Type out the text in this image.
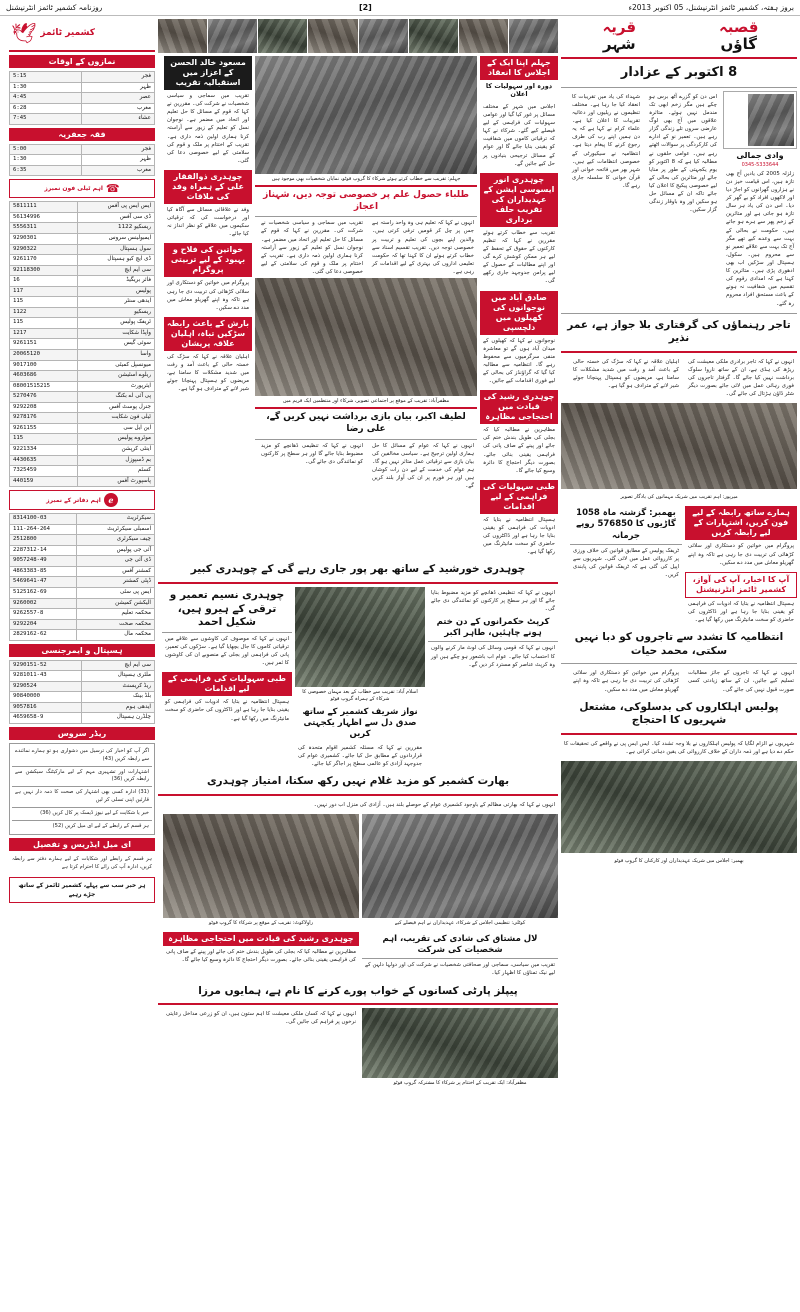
بروز ہفتہ، کشمیر ٹائمز انٹرنیشنل، 05 اکتوبر 2013ء
[2]
روزنامہ کشمیر ٹائمز انٹرنیشنل
قصبہ
گاؤں
قریہ
شہر
8 اکتوبر کے عزادار
وادی جمالی
0345-5333644
زلزلہ 2005 کی یادیں آج بھی تازہ ہیں، اس قیامت خیز دن نے ہزاروں گھرانوں کو اجاڑ دیا اور لاکھوں افراد کو بے گھر کر دیا۔ اس دن کی یاد ہر سال تازہ ہو جاتی ہے اور متاثرین کے زخم پھر سے ہرے ہو جاتے ہیں۔ حکومت نے بحالی کے بہت سے وعدے کیے تھے مگر آج تک بہت سے علاقے تعمیر نو سے محروم ہیں۔ سکول، ہسپتال اور سڑکیں اب بھی ادھوری پڑی ہیں۔ متاثرین کا کہنا ہے کہ امدادی رقوم کی تقسیم میں شفافیت نہ ہونے کے باعث مستحق افراد محروم رہ گئے۔
اس دن کو گزرے آٹھ برس ہو چکے ہیں مگر زخم ابھی تک مندمل نہیں ہوئے۔ متاثرہ علاقوں میں آج بھی لوگ عارضی سروں تلے زندگی گزار رہے ہیں۔ تعمیر نو کے ادارے کی کارکردگی پر سوالات اٹھتے رہے ہیں۔ عوامی حلقوں نے مطالبہ کیا ہے کہ 8 اکتوبر کو یوم یکجہتی کے طور پر منایا جائے اور متاثرین کی بحالی کے لیے خصوصی پیکیج کا اعلان کیا جائے تاکہ ان کے مسائل حل ہو سکیں اور وہ باوقار زندگی گزار سکیں۔
شہداء کی یاد میں تقریبات کا انعقاد کیا جا رہا ہے۔ مختلف تنظیموں نے ریلیوں اور دعائیہ تقریبات کا اعلان کیا ہے۔ علماء کرام نے کہا ہے کہ یہ دن ہمیں اپنے رب کی طرف رجوع کرنے کا پیغام دیتا ہے۔ انتظامیہ نے سیکیورٹی کے خصوصی انتظامات کیے ہیں۔ شہر بھر میں فاتحہ خوانی اور قرآن خوانی کا سلسلہ جاری رہے گا۔
تاجر رہنماؤں کی گرفتاری بلا جواز ہے، عمر نذیر
انہوں نے کہا کہ تاجر برادری ملکی معیشت کی ریڑھ کی ہڈی ہے، ان کے ساتھ ناروا سلوک برداشت نہیں کیا جائے گا۔ گرفتار تاجروں کی فوری رہائی عمل میں لائی جائے بصورت دیگر شٹر ڈاؤن ہڑتال کی جائے گی۔
اہلیان علاقہ نے کہا کہ سڑک کی خستہ حالی کے باعث آمد و رفت میں شدید مشکلات کا سامنا ہے، مریضوں کو ہسپتال پہنچانا جوئے شیر لانے کے مترادف ہو گیا ہے۔
میرپور: اہم تقریب میں شریک مہمانوں کی یادگار تصویر
ہمارے ساتھ رابطہ کے لیے فون کریں، اشتہارات کے لیے رابطہ کریں
پروگرام میں خواتین کو دستکاری اور سلائی کڑھائی کی تربیت دی جا رہی ہے تاکہ وہ اپنے گھریلو معاش میں مدد دے سکیں۔
آپ کا اخبار، آپ کی آواز، کشمیر ٹائمز انٹرنیشنل
ہسپتال انتظامیہ نے بتایا کہ ادویات کی فراہمی کو یقینی بنایا جا رہا ہے اور ڈاکٹروں کی حاضری کو سخت مانیٹرنگ میں رکھا گیا ہے۔
بھمبر: گزشتہ ماہ 1058 گاڑیوں کا 576850 روپے جرمانہ
ٹریفک پولیس کے مطابق قوانین کی خلاف ورزی پر کارروائی عمل میں لائی گئی۔ شہریوں سے اپیل کی گئی ہے کہ ٹریفک قوانین کی پابندی کریں۔
انتظامیہ کا تشدد سے تاجروں کو دبا نہیں سکتی، محمد حیات
انہوں نے کہا کہ تاجروں کے جائز مطالبات تسلیم کیے جائیں، ان کے ساتھ زیادتی کسی صورت قبول نہیں کی جائے گی۔
پروگرام میں خواتین کو دستکاری اور سلائی کڑھائی کی تربیت دی جا رہی ہے تاکہ وہ اپنے گھریلو معاش میں مدد دے سکیں۔
پولیس اہلکاروں کی بدسلوکی، مشتعل شہریوں کا احتجاج
شہریوں نے الزام لگایا کہ پولیس اہلکاروں نے بلا وجہ تشدد کیا۔ ایس ایس پی نے واقعے کی تحقیقات کا حکم دے دیا ہے اور ذمہ داران کے خلاف کارروائی کی یقین دہانی کرائی ہے۔
بھمبر: اجلاس میں شریک عہدیداران اور کارکنان کا گروپ فوٹو
جہلم اپنا ایک کے اجلاس کا انعقاد
دورہ اور سہولیات کا اعلان
اجلاس میں شہر کے مختلف مسائل پر غور کیا گیا اور عوامی سہولیات کی فراہمی کے لیے فیصلے کیے گئے۔ شرکاء نے کہا کہ ترقیاتی کاموں میں شفافیت کو یقینی بنایا جائے گا اور عوام کے مسائل ترجیحی بنیادوں پر حل کیے جائیں گے۔
چوہدری انور ایسوسی ایشن کے عہدیداران کی تقریب حلف برداری
تقریب سے خطاب کرتے ہوئے مقررین نے کہا کہ تنظیم کارکنوں کے حقوق کے تحفظ کے لیے ہر ممکن کوشش کرے گی اور اپنے مطالبات کے حصول کے لیے پرامن جدوجہد جاری رکھے گی۔
صادق آباد میں نوجوانوں کی کھیلوں میں دلچسپی
نوجوانوں نے کہا کہ کھیلوں کے میدان آباد ہوں گے تو معاشرہ منفی سرگرمیوں سے محفوظ رہے گا۔ انتظامیہ سے مطالبہ کیا گیا کہ گراؤنڈز کی بحالی کے لیے فوری اقدامات کیے جائیں۔
چوہدری رشید کی قیادت میں احتجاجی مظاہرہ
مظاہرین نے مطالبہ کیا کہ بجلی کی طویل بندش ختم کی جائے اور پینے کے صاف پانی کی فراہمی یقینی بنائی جائے۔ بصورت دیگر احتجاج کا دائرہ وسیع کیا جائے گا۔
طبی سہولیات کی فراہمی کے لیے اقدامات
ہسپتال انتظامیہ نے بتایا کہ ادویات کی فراہمی کو یقینی بنایا جا رہا ہے اور ڈاکٹروں کی حاضری کو سخت مانیٹرنگ میں رکھا گیا ہے۔
جہلم: تقریب سے خطاب کرتے ہوئے شرکاء کا گروپ فوٹو، نمایاں شخصیات بھی موجود ہیں
طلباء حصول علم پر خصوصی توجہ دیں، شہناز اعجاز
انہوں نے کہا کہ تعلیم ہی وہ واحد راستہ ہے جس پر چل کر قومیں ترقی کرتی ہیں۔ والدین اپنے بچوں کی تعلیم و تربیت پر خصوصی توجہ دیں۔ تقریب تقسیم اسناد سے خطاب کرتے ہوئے ان کا کہنا تھا کہ حکومت تعلیمی اداروں کی بہتری کے لیے اقدامات کر رہی ہے۔
تقریب میں سماجی و سیاسی شخصیات نے شرکت کی۔ مقررین نے کہا کہ قوم کے مسائل کا حل تعلیم اور اتحاد میں مضمر ہے۔ نوجوان نسل کو تعلیم کے زیور سے آراستہ کرنا ہماری اولین ذمہ داری ہے۔ تقریب کے اختتام پر ملک و قوم کی سلامتی کے لیے خصوصی دعا کی گئی۔
مظفرآباد: تقریب کے موقع پر اجتماعی تصویر، شرکاء اور منتظمین ایک فریم میں
لطیف اکبر، بیان بازی برداشت نہیں کریں گے، علی رضا
انہوں نے کہا کہ عوام کے مسائل کا حل ہماری اولین ترجیح ہے۔ سیاسی مخالفین کی بیان بازی سے ترقیاتی عمل متاثر نہیں ہو گا۔ ہم عوام کی خدمت کے لیے دن رات کوشاں ہیں اور ہر فورم پر ان کی آواز بلند کریں گے۔
انہوں نے کہا کہ تنظیمی ڈھانچے کو مزید مضبوط بنایا جائے گا اور ہر سطح پر کارکنوں کو نمائندگی دی جائے گی۔
مسعود خالد الحسن کے اعزاز میں استقبالیہ تقریب
تقریب میں سماجی و سیاسی شخصیات نے شرکت کی۔ مقررین نے کہا کہ قوم کے مسائل کا حل تعلیم اور اتحاد میں مضمر ہے۔ نوجوان نسل کو تعلیم کے زیور سے آراستہ کرنا ہماری اولین ذمہ داری ہے۔ تقریب کے اختتام پر ملک و قوم کی سلامتی کے لیے خصوصی دعا کی گئی۔
چوہدری ذوالفقار علی کے ہمراہ وفد کی ملاقات
وفد نے علاقائی مسائل سے آگاہ کیا اور درخواست کی کہ ترقیاتی سکیموں میں علاقے کو نظر انداز نہ کیا جائے۔
خواتین کی فلاح و بہبود کے لیے تربیتی پروگرام
پروگرام میں خواتین کو دستکاری اور سلائی کڑھائی کی تربیت دی جا رہی ہے تاکہ وہ اپنے گھریلو معاش میں مدد دے سکیں۔
بارش کے باعث رابطہ سڑکیں تباہ، اہلیان علاقہ پریشان
اہلیان علاقہ نے کہا کہ سڑک کی خستہ حالی کے باعث آمد و رفت میں شدید مشکلات کا سامنا ہے، مریضوں کو ہسپتال پہنچانا جوئے شیر لانے کے مترادف ہو گیا ہے۔
چوہدری خورشید کے ساتھ بھر پور جاری رہے گی کے چوہدری کبیر
انہوں نے کہا کہ تنظیمی ڈھانچے کو مزید مضبوط بنایا جائے گا اور ہر سطح پر کارکنوں کو نمائندگی دی جائے گی۔
کرپٹ حکمرانوں کے دن ختم ہونے چاہئیں، طاہر اکبر
انہوں نے کہا کہ قومی وسائل کی لوٹ مار کرنے والوں کا احتساب کیا جائے۔ عوام اب باشعور ہو چکے ہیں اور وہ کرپٹ عناصر کو مسترد کر دیں گے۔
اسلام آباد: تقریب سے خطاب کے بعد مہمان خصوصی کا شرکاء کے ہمراہ گروپ فوٹو
نواز شریف کشمیر کے ساتھ صدق دل سے اظہار یکجہتی کریں
مقررین نے کہا کہ مسئلہ کشمیر اقوام متحدہ کی قراردادوں کے مطابق حل کیا جائے۔ کشمیری عوام کی جدوجہد آزادی کو عالمی سطح پر اجاگر کیا جائے۔
چوہدری نسیم تعمیر و ترقی کے ہیرو ہیں، شکیل احمد
انہوں نے کہا کہ موصوف کی کاوشوں سے علاقے میں ترقیاتی کاموں کا جال بچھایا گیا ہے۔ سڑکوں کی تعمیر، پانی کی فراہمی اور بجلی کے منصوبے ان کی کاوشوں کا ثمر ہیں۔
طبی سہولیات کی فراہمی کے لیے اقدامات
ہسپتال انتظامیہ نے بتایا کہ ادویات کی فراہمی کو یقینی بنایا جا رہا ہے اور ڈاکٹروں کی حاضری کو سخت مانیٹرنگ میں رکھا گیا ہے۔
بھارت کشمیر کو مزید غلام نہیں رکھ سکتا، امتیاز چوہدری
انہوں نے کہا کہ بھارتی مظالم کے باوجود کشمیری عوام کے حوصلے بلند ہیں۔ آزادی کی منزل اب دور نہیں۔
کوٹلی: تنظیمی اجلاس کے شرکاء، عہدیداران نے اہم فیصلے کیے
راولاکوٹ: تقریب کے موقع پر شرکاء کا گروپ فوٹو
لال مشتاق کی شادی کی تقریب، اہم شخصیات کی شرکت
تقریب میں سیاسی، سماجی اور صحافتی شخصیات نے شرکت کی اور دولہا دلہن کے لیے نیک تمناؤں کا اظہار کیا۔
چوہدری رشید کی قیادت میں احتجاجی مظاہرہ
مظاہرین نے مطالبہ کیا کہ بجلی کی طویل بندش ختم کی جائے اور پینے کے صاف پانی کی فراہمی یقینی بنائی جائے۔ بصورت دیگر احتجاج کا دائرہ وسیع کیا جائے گا۔
پیپلز پارٹی کسانوں کے خواب پورے کرنے کا نام ہے، ہمایوں مرزا
مظفرآباد: ایک تقریب کے اختتام پر شرکاء کا مشترکہ گروپ فوٹو
انہوں نے کہا کہ کسان ملکی معیشت کا اہم ستون ہیں، ان کو زرعی مداخل رعایتی نرخوں پر فراہم کی جائیں گی۔
کشمیر ٹائمز
🕊
نمازوں کے اوقات
فجر	5:15
ظہر	1:30
عصر	4:45
مغرب	6:28
عشاء	7:45
فقہ جعفریہ
فجر	5:00
ظہر	1:30
مغرب	6:35
☎
اہم ٹیلی فون نمبرز
ایس ایس پی آفس	5811111
ڈی سی آفس	56134996
ریسکیو 1122	5556311
ایمبولینس سروس	9290301
سول ہسپتال	9290322
ڈی ایچ کیو ہسپتال	9261170
سی ایم ایچ	92118300
فائر بریگیڈ	16
پولیس	117
ایدھی سنٹر	115
ریسکیو	1122
ٹریفک پولیس	115
واپڈا شکایت	1217
سوئی گیس	9261151
واسا	20065120
میونسپل کمیٹی	9017100
ریلوے اسٹیشن	4603686
ایئرپورٹ	08001515215
پی آئی اے بکنگ	5270476
جنرل پوسٹ آفس	9292208
ٹیلی فون شکایت	9278176
این ایل سی	9261155
موٹروے پولیس	115
اینٹی کرپشن	9221334
بم ڈسپوزل	4430635
کسٹم	7325459
پاسپورٹ آفس	440159
ℯ
اہم دفاتر کے نمبرز
سیکرٹریٹ	8314100-03
اسمبلی سیکرٹریٹ	111-264-264
چیف سیکرٹری	2512800
آئی جی پولیس	2287312-14
ڈی آئی جی	9057248-49
کمشنر آفس	4863383-85
ڈپٹی کمشنر	5469641-47
ایس پی سٹی	5125162-69
الیکشن کمیشن	9260002
محکمہ تعلیم	9262557-8
محکمہ صحت	9292204
محکمہ مال	2829162-62
ہسپتال و ایمرجنسی
سی ایم ایچ	9290151-52
ملٹری ہسپتال	9281011-43
ریڈ کریسنٹ	9290524
بلڈ بینک	90840000
ایدھی ہوم	9057816
چلڈرن ہسپتال	4659658-9
ریڈر سروس
اگر آپ کو اخبار کی ترسیل میں دشواری ہو تو ہمارے نمائندے سے رابطہ کریں (43)
اشتہارات اور تشہیری مہم کے لیے مارکیٹنگ سیکشن سے رابطہ کریں (36)
(31) ادارہ کسی بھی اشتہار کی صحت کا ذمہ دار نہیں ہے قارئین اپنی تسلی کر لیں
خبر یا شکایت کے لیے نیوز ڈیسک پر کال کریں (36)
ہر قسم کے رابطے کے لیے ای میل کریں (52)
ای میل ایڈریس و تفصیل
ہر قسم کے رابطے اور شکایات کے لیے ہمارے دفتر سے رابطہ کریں، ادارہ آپ کی رائے کا احترام کرتا ہے
ہر خبر سب سے پہلے، کشمیر ٹائمز کے ساتھ جڑے رہیے
